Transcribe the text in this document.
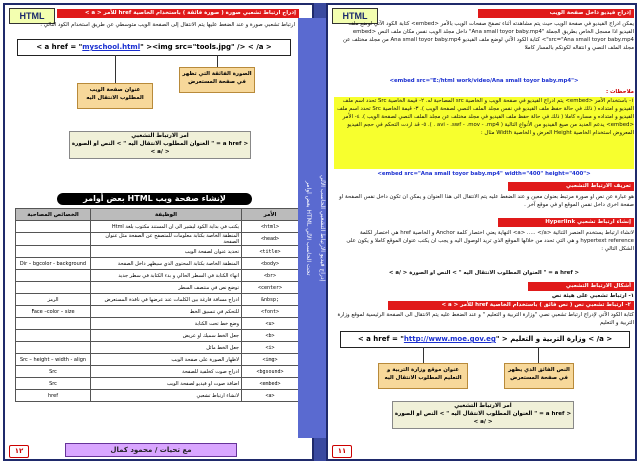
HTML	إدراج ارتباط تشعبي صورة ( صورة فائقة ) باستخدام الخاصية href للأمر < a >
ارتباط تشعبي صورة و عند الضغط عليها يتم الانتقال إلى الصفحة الويب متوسطي عن طريق استخدام الكود التالي :
< a href = "myschool.html" ><img src="tools.jpg" /> < /a >
عنوان صفحة الويب المطلوب الانتقال اليه
الصورة الفائقة التي تظهر في صفحة المستعرض
امر الارتباط التشعبي
< a href = " العنوان المطلوب الانتقال اليه " > النص او الصورة < /a >
بعض أوامر HTML لإنشاء صفحة ويب
الخصائص المصاحبة	الوظيفة	الأمر
	يكتب في بداية الكود ليشير الى ان المستند مكتوب بلغة Html	<html>
	المنطقة الخاصة بكتابة معلومات للمتصفح عن الصفحة مثل عنوان الصفحة	<head>
	تحديد عنوان لصفحة الويب	<title>
Dir – bgcolor - background	المنطقة الخاصة بكتابة المحتوى الذي سيظهر داخل الصفحة	<body>
	انهاء الكتابة في السطر الحالي و بدء الكتابة في سطر جديد	<br>
	توضع نص في منتصف السطر	<center>
الرمز	ادراج مسافة فارغة بين الكلمات عند عرضها في نافذة المستعرض	&nbsp;
Face –color – size	للتحكم في تنسيق الخط	<font>
	وضع خط تحت الكتابة	<u>
	جعل الخط سميك او عريض	<b>
	جعل الخط مائل	<i>
Src – height – width - align	لاظهار الصورة على صفحة الويب	<img>
Src	ادراج صوت كخلفية للصفحة	<bgsound>
Src	اضافة صوت او فيديو لصفحة الويب	<embed>
href	لانشاء ارتباط تشعبي	<a>
مع تحيات / محمود كمال
١٢
بعض أوامر HTML تحت الحاسب الآلي	إدراج فيديو الارتباط التشعبي الحاسب الآلي
HTML	إدراج فيديو داخل صفحة الويب
يمكن ادراج الفيديو في صفحة الويب حيث يتم مشاهدته أثناء تصفح صفحات الويب بالأمر <embed> كتابة الكود الآتي لوضع ملف الفيديو اذا مسجل الخاص بطريق الجملة "Ana small toyor baby.mp4" داخل مجلد الويب نفس مكان ملف النص <embed src="Ana small toyor baby.mp4"> كتابة الكود الآتي لوضع ملف الفيديو Ana small toyor baby.mp4 من مجلد مختلف عن مجلد الملف النصي و انتقاله لكونكم بالمسار كاملا
<embed src="E:/html work/video/Ana small toyor baby.mp4">
ملاحظات :
١- باستخدام الأمر <embed> يتم ادراج الفيديو في صفحة الويب و الخاصية src المصاحبة له. ٢- قيمة الخاصية Src تحدد اسم ملف الفيديو و امتداده ( ذلك في حالة حفظ ملف الفيديو في نفس مجلد الملف النصي لصفحة الويب ). ٣- قيمة الخاصية Src تحدد اسم ملف الفيديو و امتداده و مساره كاملا ( ذلك في حالة حفظ ملف الفيديو في مجلد مختلف عن مجلد الملف النصي لصفحة الويب ). ٤- الأمر <embed> يدعم العديد من صيغ الفيديو من الأنواع التالية ( avi - .swf - .mov - .mp4 . ). ٥- قد اردت التحكم في حجم الفيديو المعروض استخدام الخاصية Height العرض و الخاصية Width مثال :
<embed src="Ana small toyor baby.mp4" width="400" height="400">
تعريف الارتباط التشعبي
هو عبارة عن نص او صورة مرتبط بعنوان معين و عند الضغط عليه يتم الانتقال الى هذا العنوان و يمكن ان تكون داخل نفس الصفحة او صفحة اخرى داخل نفس الموقع او في موقع آخر .
إنشاء ارتباط تشعبي Hyperlink
لانشاء ارتباط يستخدم العنصر الثنائية <a> ..... </a> النهاية يعني اختصار كلمة Anchor و الخاصية href هي اختصار لكلمة hypertext reference و هي التي تحدد من خلالها الموقع الذي تريد الوصول اليه و يجب ان يكتب عنوان الموقع كاملا و يكون على الشكل التالي :
< a href = " العنوان المطلوب الانتقال اليه " > النص او الصورة < /a >
أشكال الارتباط التشعبي
١- ارتباط تشعبي على هيئة نص
٢- ارتباط تشعبي نص ( نص فائق ) باستخدام الخاصية href للأمر < a >
كتابة الكود الآتي لإدراج ارتباط تشعبي نصي "وزارة التربية و التعليم " و عند الضغط عليه يتم الانتقال الى الصفحة الرئيسية لموقع وزارة التربية و التعليم
< a href = "http://www.moe.gov.eg" > وزارة التربية و التعليم < /a >
عنوان موقع وزارة التربية و التعليم المطلوب الانتقال اليه
النص الفائق الذي يظهر في صفحة المستعرض
امر الارتباط التشعبي
< a href = " العنوان المطلوب الانتقال اليه " > النص او الصورة < /a >
١١
